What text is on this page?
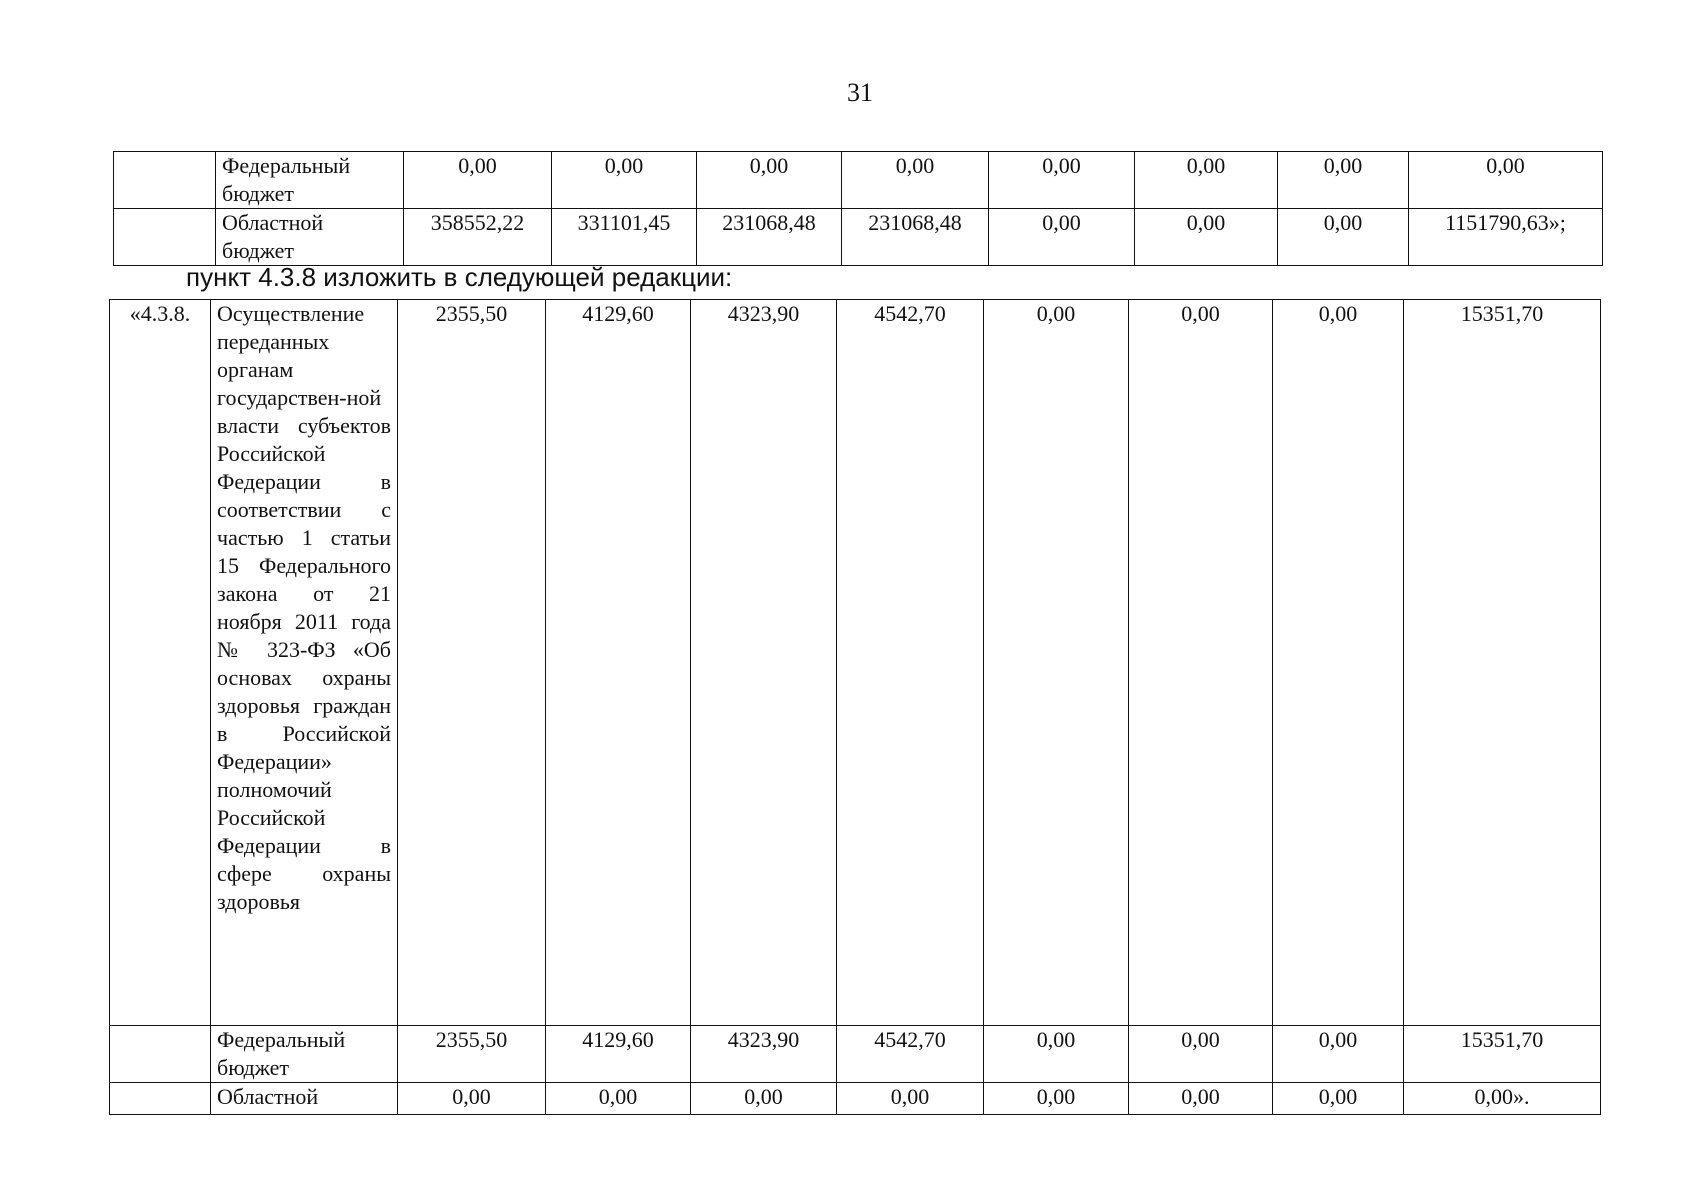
31
	Федеральный бюджет	0,00	0,00	0,00	0,00	0,00	0,00	0,00	0,00
	Областной бюджет	358552,22	331101,45	231068,48	231068,48	0,00	0,00	0,00	1151790,63»;
пункт 4.3.8 изложить в следующей редакции:
«4.3.8.	Осуществление переданных органам государствен-ной власти субъектов Российской Федерации в соответствии с частью 1 статьи 15 Федерального закона от 21 ноября 2011 года № 323-ФЗ «Об основах охраны здоровья граждан в Российской Федерации» полномочий Российской Федерации в сфере охраны здоровья	2355,50	4129,60	4323,90	4542,70	0,00	0,00	0,00	15351,70
	Федеральный бюджет	2355,50	4129,60	4323,90	4542,70	0,00	0,00	0,00	15351,70
	Областной	0,00	0,00	0,00	0,00	0,00	0,00	0,00	0,00».
